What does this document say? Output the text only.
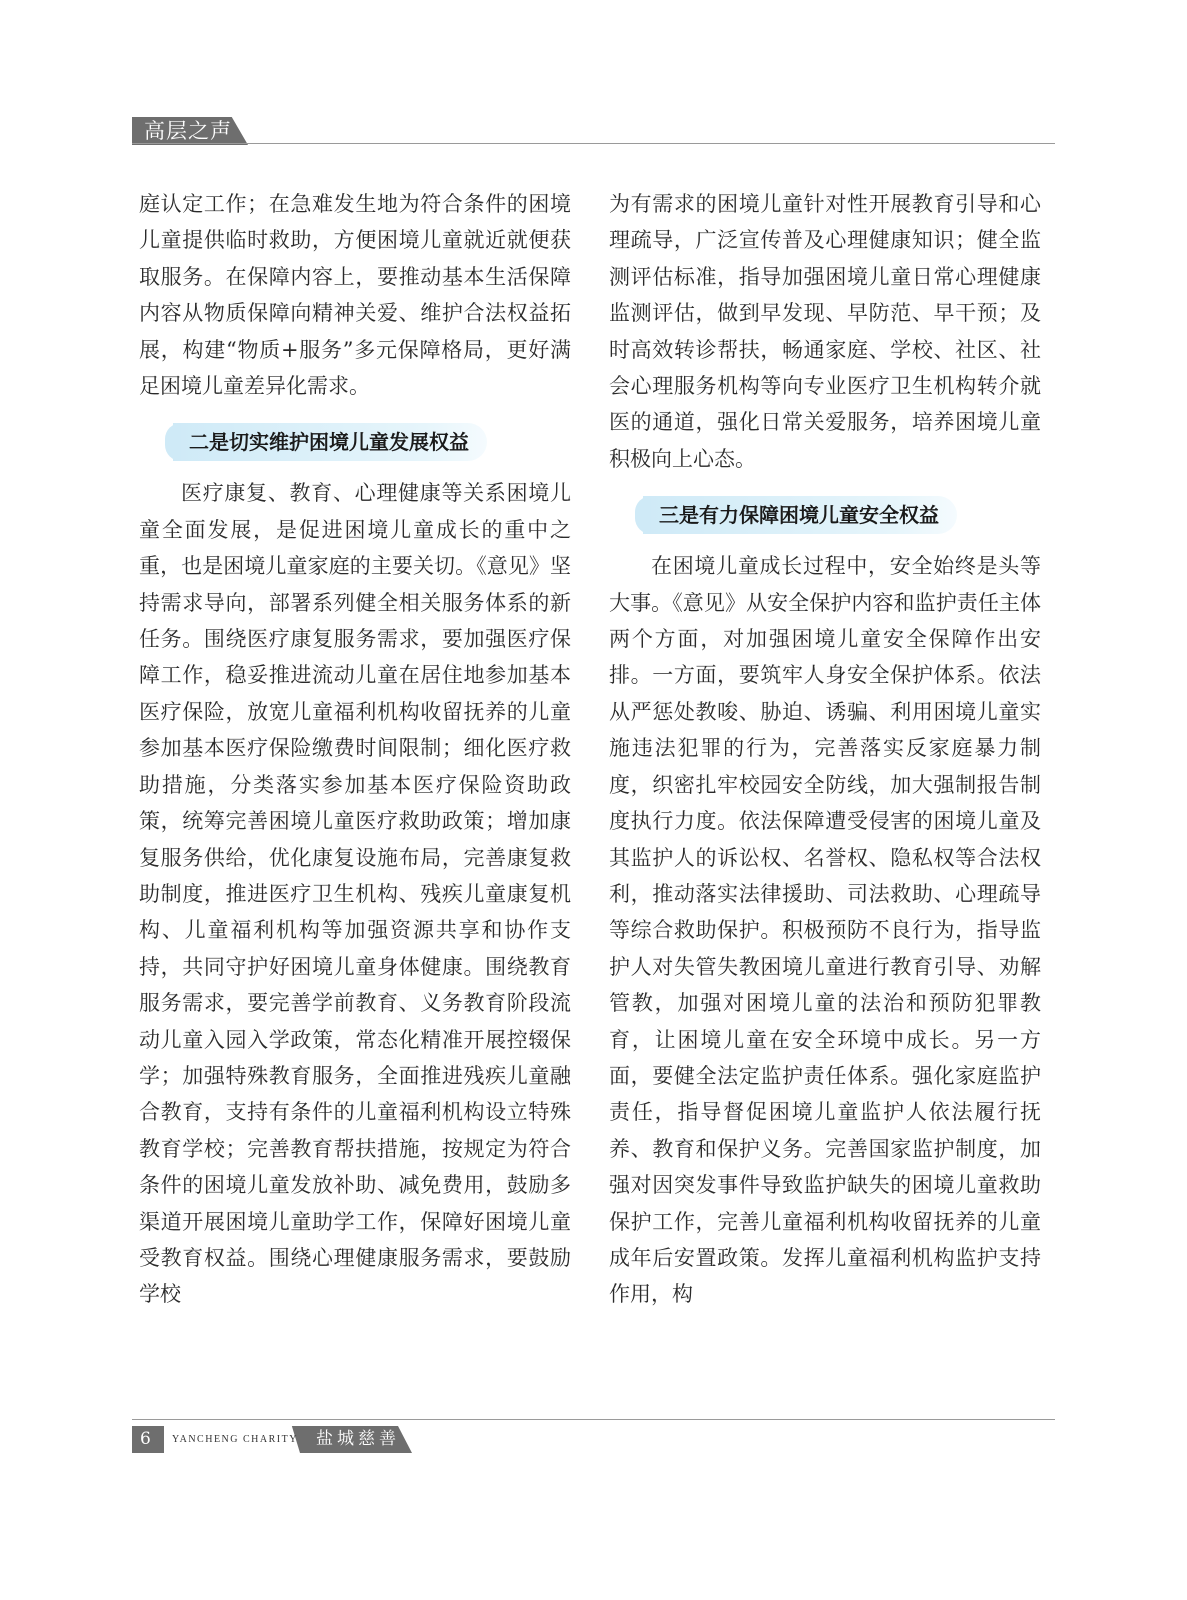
高层之声

庭认定工作；在急难发生地为符合条件的困境儿童提供临时救助，方便困境儿童就近就便获取服务。在保障内容上，要推动基本生活保障内容从物质保障向精神关爱、维护合法权益拓展，构建“物质+服务”多元保障格局，更好满足困境儿童差异化需求。

二是切实维护困境儿童发展权益

医疗康复、教育、心理健康等关系困境儿童全面发展，是促进困境儿童成长的重中之重，也是困境儿童家庭的主要关切。《意见》坚持需求导向，部署系列健全相关服务体系的新任务。围绕医疗康复服务需求，要加强医疗保障工作，稳妥推进流动儿童在居住地参加基本医疗保险，放宽儿童福利机构收留抚养的儿童参加基本医疗保险缴费时间限制；细化医疗救助措施，分类落实参加基本医疗保险资助政策，统筹完善困境儿童医疗救助政策；增加康复服务供给，优化康复设施布局，完善康复救助制度，推进医疗卫生机构、残疾儿童康复机构、儿童福利机构等加强资源共享和协作支持，共同守护好困境儿童身体健康。围绕教育服务需求，要完善学前教育、义务教育阶段流动儿童入园入学政策，常态化精准开展控辍保学；加强特殊教育服务，全面推进残疾儿童融合教育，支持有条件的儿童福利机构设立特殊教育学校；完善教育帮扶措施，按规定为符合条件的困境儿童发放补助、减免费用，鼓励多渠道开展困境儿童助学工作，保障好困境儿童受教育权益。围绕心理健康服务需求，要鼓励学校

为有需求的困境儿童针对性开展教育引导和心理疏导，广泛宣传普及心理健康知识；健全监测评估标准，指导加强困境儿童日常心理健康监测评估，做到早发现、早防范、早干预；及时高效转诊帮扶，畅通家庭、学校、社区、社会心理服务机构等向专业医疗卫生机构转介就医的通道，强化日常关爱服务，培养困境儿童积极向上心态。

三是有力保障困境儿童安全权益

在困境儿童成长过程中，安全始终是头等大事。《意见》从安全保护内容和监护责任主体两个方面，对加强困境儿童安全保障作出安排。一方面，要筑牢人身安全保护体系。依法从严惩处教唆、胁迫、诱骗、利用困境儿童实施违法犯罪的行为，完善落实反家庭暴力制度，织密扎牢校园安全防线，加大强制报告制度执行力度。依法保障遭受侵害的困境儿童及其监护人的诉讼权、名誉权、隐私权等合法权利，推动落实法律援助、司法救助、心理疏导等综合救助保护。积极预防不良行为，指导监护人对失管失教困境儿童进行教育引导、劝解管教，加强对困境儿童的法治和预防犯罪教育，让困境儿童在安全环境中成长。另一方面，要健全法定监护责任体系。强化家庭监护责任，指导督促困境儿童监护人依法履行抚养、教育和保护义务。完善国家监护制度，加强对因突发事件导致监护缺失的困境儿童救助保护工作，完善儿童福利机构收留抚养的儿童成年后安置政策。发挥儿童福利机构监护支持作用，构

6 YANCHENG CHARITY 盐城慈善
